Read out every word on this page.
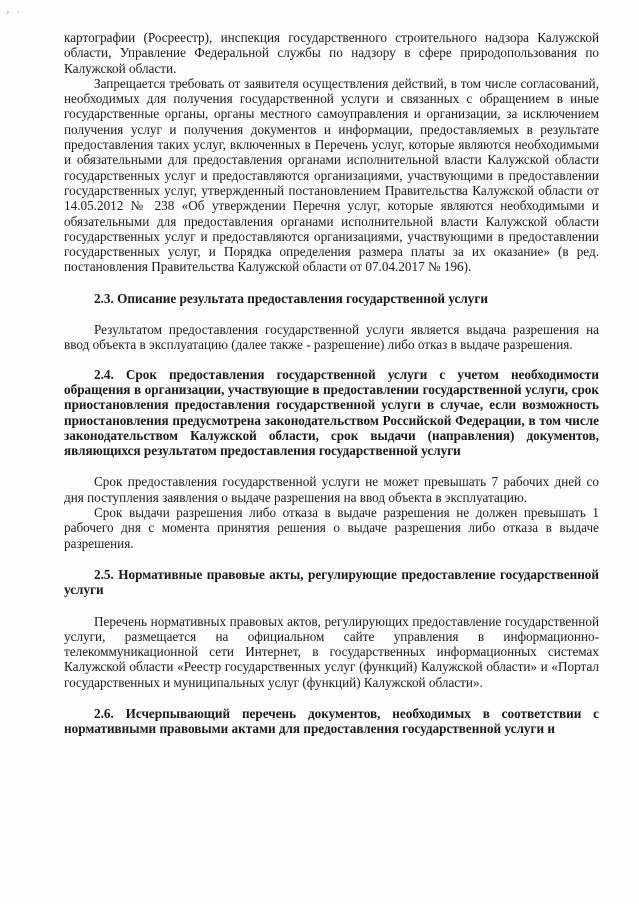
› ·

картографии (Росреестр), инспекция государственного строительного надзора Калужской области, Управление Федеральной службы по надзору в сфере природопользования по Калужской области.

Запрещается требовать от заявителя осуществления действий, в том числе согласований, необходимых для получения государственной услуги и связанных с обращением в иные государственные органы, органы местного самоуправления и организации, за исключением получения услуг и получения документов и информации, предоставляемых в результате предоставления таких услуг, включенных в Перечень услуг, которые являются необходимыми и обязательными для предоставления органами исполнительной власти Калужской области государственных услуг и предоставляются организациями, участвующими в предоставлении государственных услуг, утвержденный постановлением Правительства Калужской области от 14.05.2012 № 238 «Об утверждении Перечня услуг, которые являются необходимыми и обязательными для предоставления органами исполнительной власти Калужской области государственных услуг и предоставляются организациями, участвующими в предоставлении государственных услуг, и Порядка определения размера платы за их оказание» (в ред. постановления Правительства Калужской области от 07.04.2017 № 196).

2.3. Описание результата предоставления государственной услуги

Результатом предоставления государственной услуги является выдача разрешения на ввод объекта в эксплуатацию (далее также - разрешение) либо отказ в выдаче разрешения.

2.4. Срок предоставления государственной услуги с учетом необходимости обращения в организации, участвующие в предоставлении государственной услуги, срок приостановления предоставления государственной услуги в случае, если возможность приостановления предусмотрена законодательством Российской Федерации, в том числе законодательством Калужской области, срок выдачи (направления) документов, являющихся результатом предоставления государственной услуги

Срок предоставления государственной услуги не может превышать 7 рабочих дней со дня поступления заявления о выдаче разрешения на ввод объекта в эксплуатацию.

Срок выдачи разрешения либо отказа в выдаче разрешения не должен превышать 1 рабочего дня с момента принятия решения о выдаче разрешения либо отказа в выдаче разрешения.

2.5. Нормативные правовые акты, регулирующие предоставление государственной услуги

Перечень нормативных правовых актов, регулирующих предоставление государственной услуги, размещается на официальном сайте управления в информационно-телекоммуникационной сети Интернет, в государственных информационных системах Калужской области «Реестр государственных услуг (функций) Калужской области» и «Портал государственных и муниципальных услуг (функций) Калужской области».

2.6. Исчерпывающий перечень документов, необходимых в соответствии с нормативными правовыми актами для предоставления государственной услуги и
